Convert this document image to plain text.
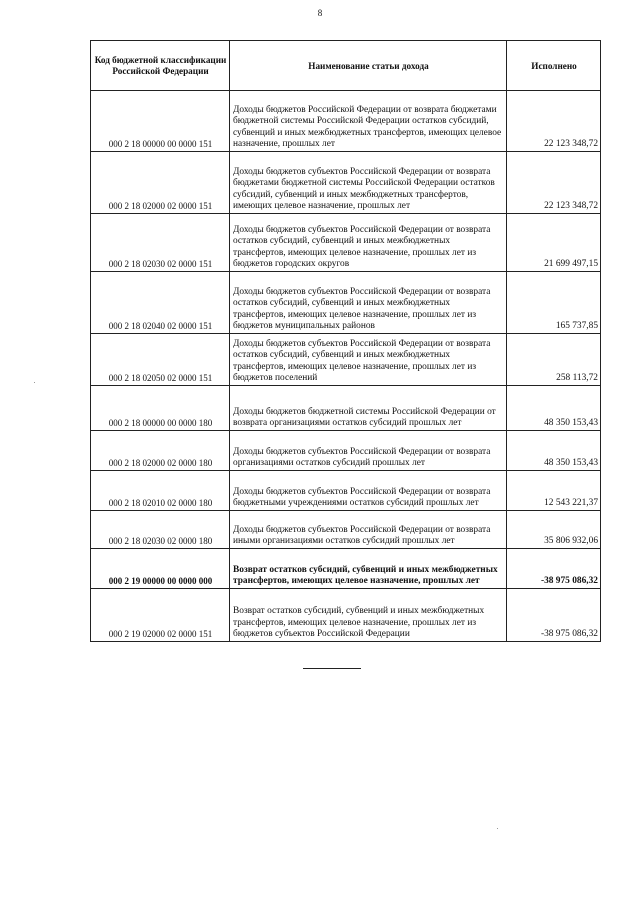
8
Код бюджетной классификации Российской Федерации	Наименование статьи дохода	Исполнено
000 2 18 00000 00 0000 151	Доходы бюджетов Российской Федерации от возврата бюджетами бюджетной системы Российской Федерации остатков субсидий, субвенций и иных межбюджетных трансфертов, имеющих целевое назначение, прошлых лет	22 123 348,72
000 2 18 02000 02 0000 151	Доходы бюджетов субъектов Российской Федерации от возврата бюджетами бюджетной системы Российской Федерации остатков субсидий, субвенций и иных межбюджетных трансфертов, имеющих целевое назначение, прошлых лет	22 123 348,72
000 2 18 02030 02 0000 151	Доходы бюджетов субъектов Российской Федерации от возврата остатков субсидий, субвенций и иных межбюджетных трансфертов, имеющих целевое назначение, прошлых лет из бюджетов городских округов	21 699 497,15
000 2 18 02040 02 0000 151	Доходы бюджетов субъектов Российской Федерации от возврата остатков субсидий, субвенций и иных межбюджетных трансфертов, имеющих целевое назначение, прошлых лет из бюджетов муниципальных районов	165 737,85
000 2 18 02050 02 0000 151	Доходы бюджетов субъектов Российской Федерации от возврата остатков субсидий, субвенций и иных межбюджетных трансфертов, имеющих целевое назначение, прошлых лет из бюджетов поселений	258 113,72
000 2 18 00000 00 0000 180	Доходы бюджетов бюджетной системы Российской Федерации от возврата организациями остатков субсидий прошлых лет	48 350 153,43
000 2 18 02000 02 0000 180	Доходы бюджетов субъектов Российской Федерации от возврата организациями остатков субсидий прошлых лет	48 350 153,43
000 2 18 02010 02 0000 180	Доходы бюджетов субъектов Российской Федерации от возврата бюджетными учреждениями остатков субсидий прошлых лет	12 543 221,37
000 2 18 02030 02 0000 180	Доходы бюджетов субъектов Российской Федерации от возврата иными организациями остатков субсидий прошлых лет	35 806 932,06
000 2 19 00000 00 0000 000	Возврат остатков субсидий, субвенций и иных межбюджетных трансфертов, имеющих целевое назначение, прошлых лет	-38 975 086,32
000 2 19 02000 02 0000 151	Возврат остатков субсидий, субвенций и иных межбюджетных трансфертов, имеющих целевое назначение, прошлых лет из бюджетов субъектов Российской Федерации	-38 975 086,32
